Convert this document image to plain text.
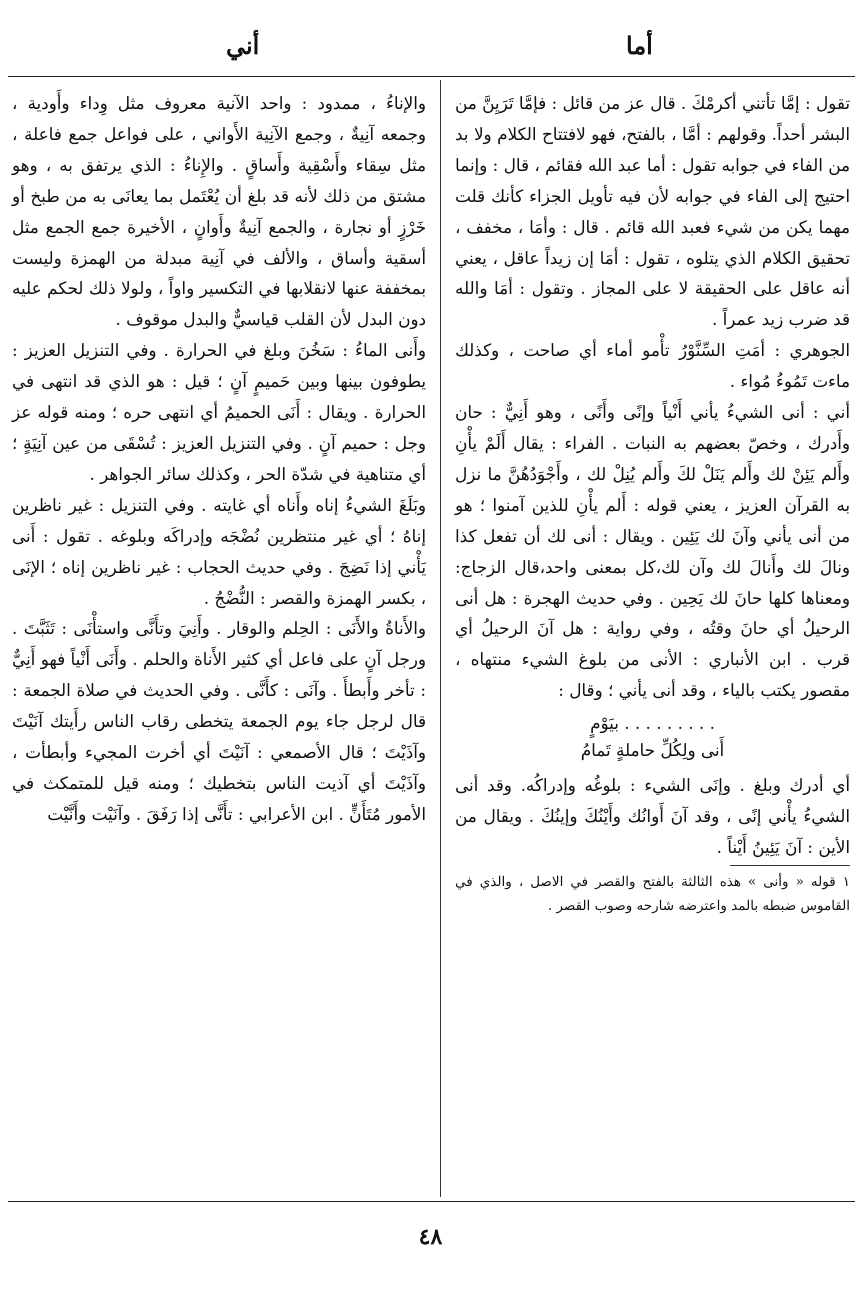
أني	أما

تقول : إمَّا تأتني أكرمْكَ . قال عز من قائل : فإمَّا تَرَيِنَّ من البشر أحداً. وقولهم : أمَّا ، بالفتح، فهو لافتتاح الكلام ولا بد من الفاء في جوابه تقول : أما عبد الله فقائم ، قال : وإنما احتيج إلى الفاء في جوابه لأن فيه تأويل الجزاء كأنك قلت مهما يكن من شيء فعبد الله قائم . قال : وأمَا ، مخفف ، تحقيق الكلام الذي يتلوه ، تقول : أمَا إن زيداً عاقل ، يعني أنه عاقل على الحقيقة لا على المجاز . وتقول : أمَا والله قد ضرب زيد عمراً .

الجوهري : أمَتِ السِّنَّوْرُ تأْمو أماء أي صاحت ، وكذلك ماءت تَمُوءُ مُواء .

أني : أنى الشيءُ يأني أَنْياً وإنًى وأَنًى ، وهو أَنِيٌّ : حان وأَدرك ، وخصّ بعضهم به النبات . الفراء : يقال أَلَمْ يأْنِ وأَلم يَئِنْ لك وأَلم يَنَلْ لكَ وأَلم يُنِلْ لك ، وأَجْوَدُهُنَّ ما نزل به القرآن العزيز ، يعني قوله : أَلم يأْنِ للذين آمنوا ؛ هو من أنى يأني وآنَ لك يَئِين . ويقال : أنى لك أن تفعل كذا ونالَ لك وأَنالَ لك وآن لك،كل بمعنى واحد،قال الزجاج: ومعناها كلها حانَ لك يَحِين . وفي حديث الهجرة : هل أنى الرحيلُ أي حانَ وقتُه ، وفي رواية : هل آنَ الرحيلُ أي قرب . ابن الأنباري : الأنى من بلوغ الشيء منتهاه ، مقصور يكتب بالياء ، وقد أنى يأني ؛ وقال :

. . . . . . . . . بيَوْمٍ
أَنى ولِكُلِّ حاملةٍ تَمامُ

أي أدرك وبلغ . وإنَى الشيء : بلوغُه وإدراكُه. وقد أنى الشيءُ يأْني إنًى ، وقد آنَ أَوانُك وأَيْنُكَ وإينُكَ . ويقال من الأين : آنَ يَئِينُ أَيْناً .

١ قوله « وأنى » هذه الثالثة بالفتح والقصر في الاصل ، والذي في القاموس ضبطه بالمد واعترضه شارحه وصوب القصر .

والإناءُ ، ممدود : واحد الآنية معروف مثل وِداء وأَودية ، وجمعه آنِيةٌ ، وجمع الآنِية الأَواني ، على فواعل جمع فاعلة ، مثل سِقاء وأَسْقِية وأَساقٍ . والإِناءُ : الذي يرتفق به ، وهو مشتق من ذلك لأنه قد بلغ أن يُعْتَمل بما يعانَى به من طبخ أو خَرْزٍ أو نجارة ، والجمع آنِيةٌ وأَوانٍ ، الأخيرة جمع الجمع مثل أسقية وأساق ، والألف في آنِية مبدلة من الهمزة وليست بمخففة عنها لانقلابها في التكسير واواً ، ولولا ذلك لحكم عليه دون البدل لأن القلب قياسيٌّ والبدل موقوف .

وأَنى الماءُ : سَخُنَ وبلغ في الحرارة . وفي التنزيل العزيز : يطوفون بينها وبين حَميمٍ آنٍ ؛ قيل : هو الذي قد انتهى في الحرارة . ويقال : أَنَى الحميمُ أي انتهى حره ؛ ومنه قوله عز وجل : حميم آنٍ . وفي التنزيل العزيز : تُسْقَى من عين آنِيَةٍ ؛ أي متناهية في شدّة الحر ، وكذلك سائر الجواهر .

وبَلَغَ الشيءُ إناه وأَناه أي غايته . وفي التنزيل : غير ناظرين إناهُ ؛ أي غير منتظرين نُضْجَه وإدراكَه وبلوغه . تقول : أَنى يَأْني إذا نَضِجَ . وفي حديث الحجاب : غير ناظرين إناه ؛ الإنَى ، بكسر الهمزة والقصر : النُّضْجُ .

والأَناةُ والأَنَى : الحِلم والوقار . وأَنِيَ وتأَنَّى واستأْنَى : تَثَبَّتَ . ورجل آنٍ على فاعل أي كثير الأَناة والحلم . وأَنَى أَنْياً فهو أَنِيٌّ : تأخر وأَبطأَ . وآنَى : كأَنَّى . وفي الحديث في صلاة الجمعة : قال لرجل جاء يوم الجمعة يتخطى رقاب الناس رأَيتك آنَيْتَ وآذَيْتَ ؛ قال الأصمعي : آنَيْتَ أي أخرت المجيء وأبطأت ، وآذَيْتَ أي آذيت الناس بتخطيك ؛ ومنه قيل للمتمكث في الأمور مُتَأَنٍّ . ابن الأعرابي : تأَنَّى إذا رَفَقَ . وآنَيْت وأَنَّيْت

٤٨
